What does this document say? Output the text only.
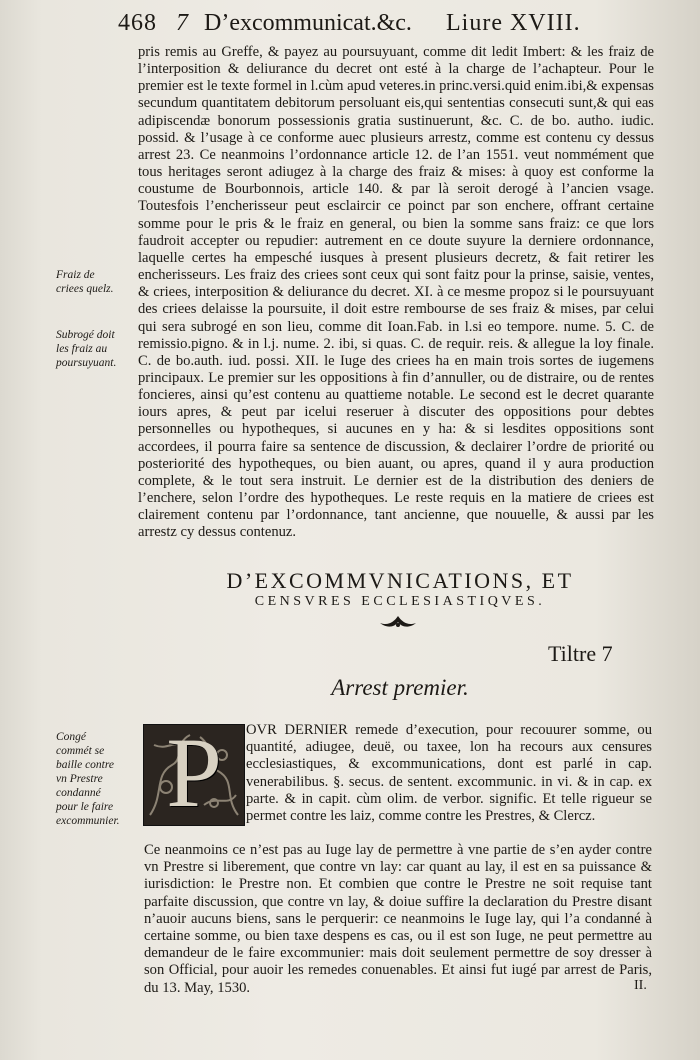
468 7 D’excommunicat.&c. Liure XVIII.

pris remis au Greffe, & payez au poursuyuant, comme dit ledit Imbert: & les fraiz de l’interposition & deliurance du decret ont esté à la charge de l’achapteur. Pour le premier est le texte formel in l.cùm apud veteres.in princ.versi.quid enim.ibi,& expensas secundum quantitatem debitorum persoluant eis,qui sententias consecuti sunt,& qui eas adipiscendæ bonorum possessionis gratia sustinuerunt, &c. C. de bo. autho. iudic. possid. & l’usage à ce conforme auec plusieurs arrestz, comme est contenu cy dessus arrest 23. Ce neanmoins l’ordonnance article 12. de l’an 1551. veut nommément que tous heritages seront adiugez à la charge des fraiz & mises: à quoy est conforme la coustume de Bourbonnois, article 140. & par là seroit derogé à l’ancien vsage. Toutesfois l’encherisseur peut esclaircir ce poinct par son enchere, offrant certaine somme pour le pris & le fraiz en general, ou bien la somme sans fraiz: ce que lors faudroit accepter ou repudier: autrement en ce doute suyure la derniere ordonnance, laquelle certes ha empesché iusques à present plusieurs decretz, & fait retirer les encherisseurs. Les fraiz des criees sont ceux qui sont faitz pour la prinse, saisie, ventes, & criees, interposition & deliurance du decret. XI. à ce mesme propoz si le poursuyuant des criees delaisse la poursuite, il doit estre rembourse de ses fraiz & mises, par celui qui sera subrogé en son lieu, comme dit Ioan.Fab. in l.si eo tempore. nume. 5. C. de remissio.pigno. & in l.j. nume. 2. ibi, si quas. C. de requir. reis. & allegue la loy finale. C. de bo.auth. iud. possi. XII. le Iuge des criees ha en main trois sortes de iugemens principaux. Le premier sur les oppositions à fin d’annuller, ou de distraire, ou de rentes foncieres, ainsi qu’est contenu au quattieme notable. Le second est le decret quarante iours apres, & peut par icelui reseruer à discuter des oppositions pour debtes personnelles ou hypotheques, si aucunes en y ha: & si lesdites oppositions sont accordees, il pourra faire sa sentence de discussion, & declairer l’ordre de priorité ou posteriorité des hypotheques, ou bien auant, ou apres, quand il y aura production complete, & le tout sera instruit. Le dernier est de la distribution des deniers de l’enchere, selon l’ordre des hypotheques. Le reste requis en la matiere de criees est clairement contenu par l’ordonnance, tant ancienne, que nouuelle, & aussi par les arrestz cy dessus contenuz.

Fraiz de criees quelz.
Subrogé doit les fraiz au poursuyuant.
Congé commét se baille contre vn Prestre condanné pour le faire excommunier.
D’EXCOMMVNICATIONS, ET
CENSVRES ECCLESIASTIQVES.
Tiltre 7
Arrest premier.
P	OVR DERNIER remede d’execution, pour recouurer somme, ou quantité, adiugee, deuë, ou taxee, lon ha recours aux censures ecclesiastiques, & excommunications, dont est parlé in cap. venerabilibus. §. secus. de sentent. excommunic. in vi. & in cap. ex parte. & in capit. cùm olim. de verbor. signific. Et telle rigueur se permet contre les laiz, comme contre les Prestres, & Clercz.

Ce neanmoins ce n’est pas au Iuge lay de permettre à vne partie de s’en ayder contre vn Prestre si liberement, que contre vn lay: car quant au lay, il est en sa puissance & iurisdiction: le Prestre non. Et combien que contre le Prestre ne soit requise tant parfaite discussion, que contre vn lay, & doiue suffire la declaration du Prestre disant n’auoir aucuns biens, sans le perquerir: ce neanmoins le Iuge lay, qui l’a condanné à certaine somme, ou bien taxe despens es cas, ou il est son Iuge, ne peut permettre au demandeur de le faire excommunier: mais doit seulement permettre de soy dresser à son Official, pour auoir les remedes conuenables. Et ainsi fut iugé par arrest de Paris, du 13. May, 1530.	II.
